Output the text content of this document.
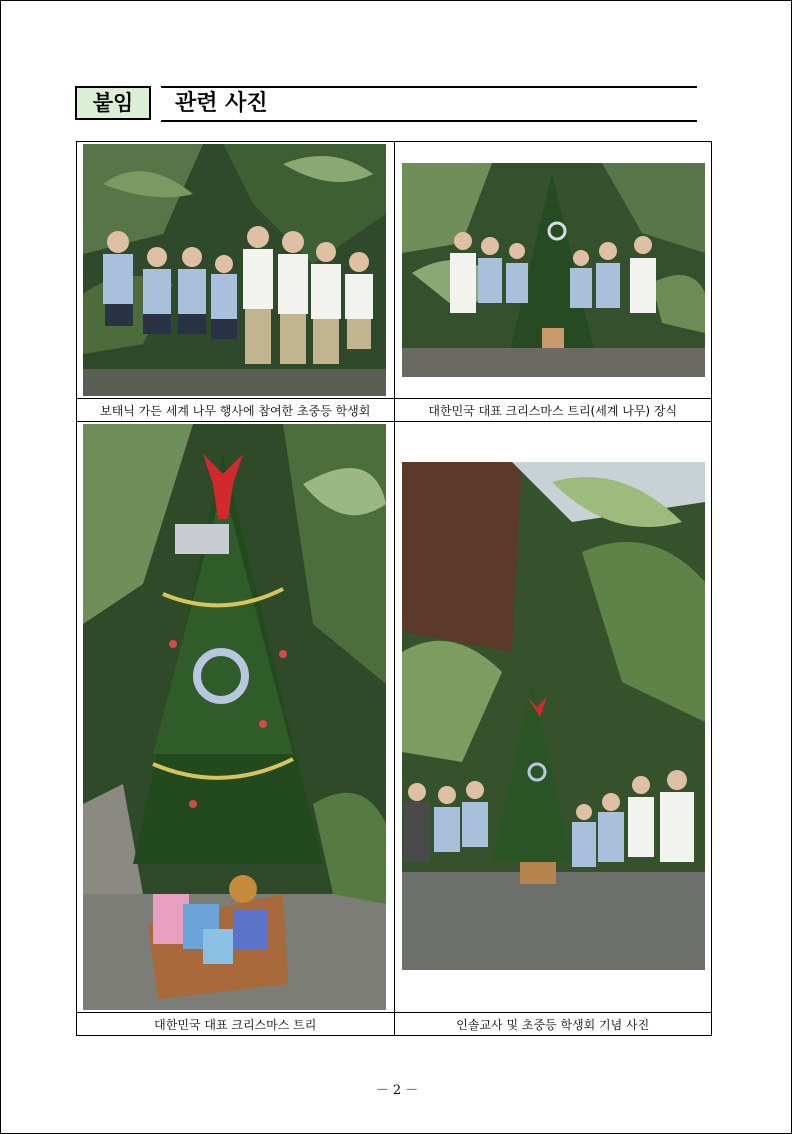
붙임	관련 사진

보태닉 가든 세계 나무 행사에 참여한 초중등 학생회	대한민국 대표 크리스마스 트리(세계 나무) 장식

대한민국 대표 크리스마스 트리	인솔교사 및 초중등 학생회 기념 사진
－ 2 －
